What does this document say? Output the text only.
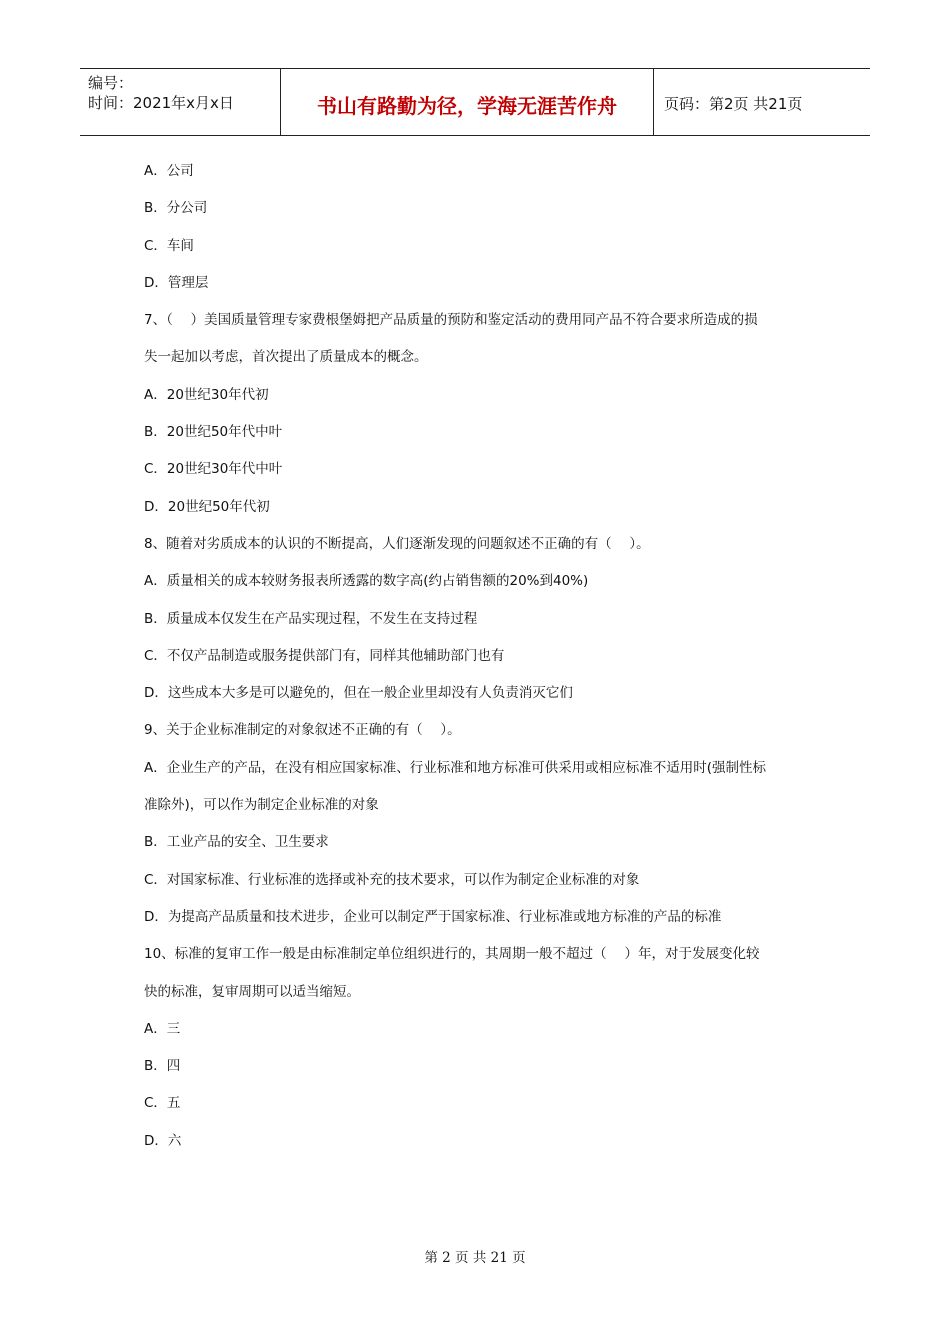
编号：
时间：2021年x月x日	书山有路勤为径，学海无涯苦作舟	页码：第2页 共21页
A．公司
B．分公司
C．车间
D．管理层
7、（　 ）美国质量管理专家费根堡姆把产品质量的预防和鉴定活动的费用同产品不符合要求所造成的损
失一起加以考虑，首次提出了质量成本的概念。
A．20世纪30年代初
B．20世纪50年代中叶
C．20世纪30年代中叶
D．20世纪50年代初
8、随着对劣质成本的认识的不断提高，人们逐渐发现的问题叙述不正确的有（　 ）。
A．质量相关的成本较财务报表所透露的数字高(约占销售额的20%到40%)
B．质量成本仅发生在产品实现过程，不发生在支持过程
C．不仅产品制造或服务提供部门有，同样其他辅助部门也有
D．这些成本大多是可以避免的，但在一般企业里却没有人负责消灭它们
9、关于企业标准制定的对象叙述不正确的有（　 ）。
A．企业生产的产品，在没有相应国家标准、行业标准和地方标准可供采用或相应标准不适用时(强制性标
准除外)，可以作为制定企业标准的对象
B．工业产品的安全、卫生要求
C．对国家标准、行业标准的选择或补充的技术要求，可以作为制定企业标准的对象
D．为提高产品质量和技术进步，企业可以制定严于国家标准、行业标准或地方标准的产品的标准
10、标准的复审工作一般是由标准制定单位组织进行的，其周期一般不超过（　 ）年，对于发展变化较
快的标准，复审周期可以适当缩短。
A．三
B．四
C．五
D．六
第 2 页 共 21 页
